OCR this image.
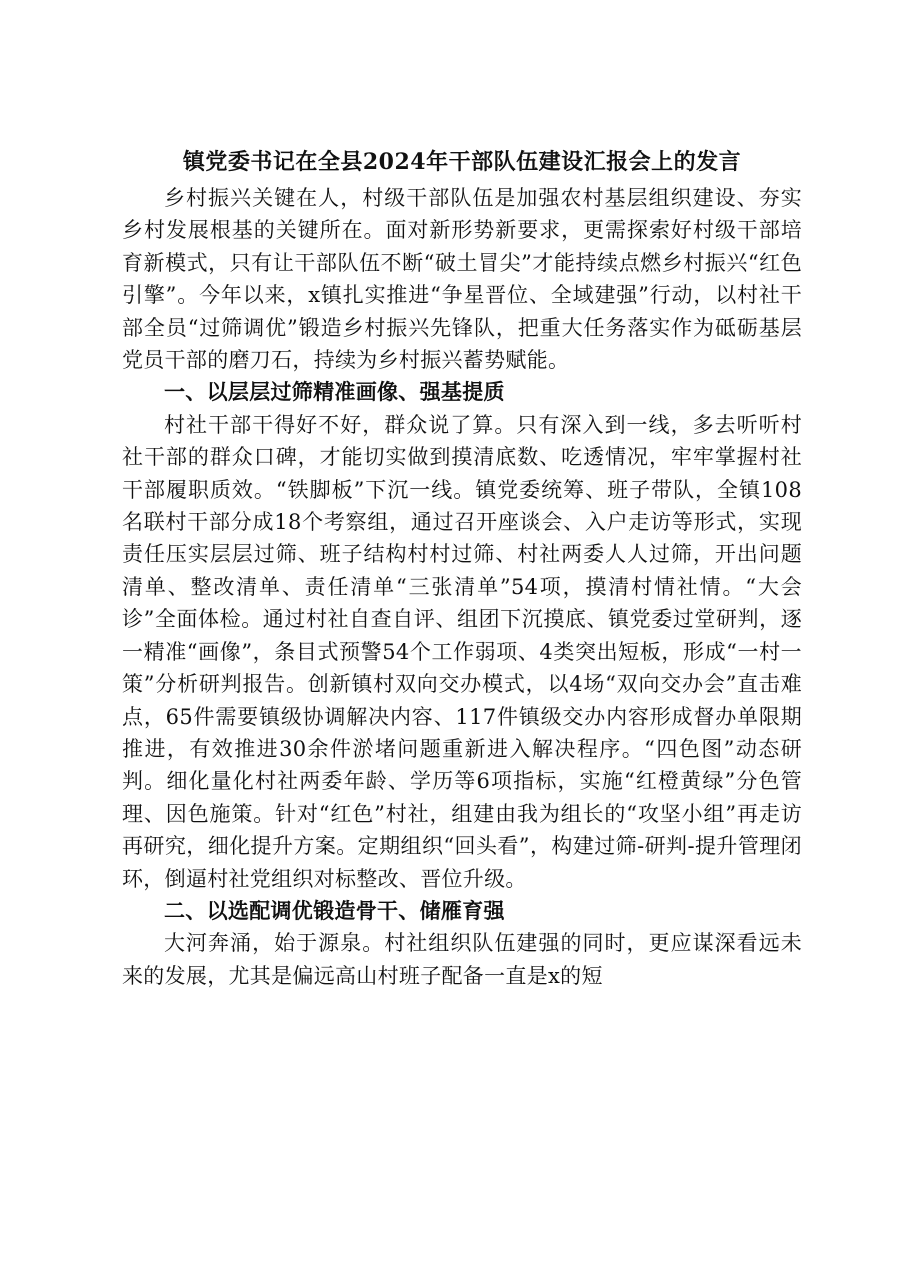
镇党委书记在全县2024年干部队伍建设汇报会上的发言

乡村振兴关键在人，村级干部队伍是加强农村基层组织建设、夯实乡村发展根基的关键所在。面对新形势新要求，更需探索好村级干部培育新模式，只有让干部队伍不断“破土冒尖”才能持续点燃乡村振兴“红色引擎”。今年以来，x镇扎实推进“争星晋位、全域建强”行动，以村社干部全员“过筛调优”锻造乡村振兴先锋队，把重大任务落实作为砥砺基层党员干部的磨刀石，持续为乡村振兴蓄势赋能。

一、以层层过筛精准画像、强基提质

村社干部干得好不好，群众说了算。只有深入到一线，多去听听村社干部的群众口碑，才能切实做到摸清底数、吃透情况，牢牢掌握村社干部履职质效。“铁脚板”下沉一线。镇党委统筹、班子带队，全镇108名联村干部分成18个考察组，通过召开座谈会、入户走访等形式，实现责任压实层层过筛、班子结构村村过筛、村社两委人人过筛，开出问题清单、整改清单、责任清单“三张清单”54项，摸清村情社情。“大会诊”全面体检。通过村社自查自评、组团下沉摸底、镇党委过堂研判，逐一精准“画像”，条目式预警54个工作弱项、4类突出短板，形成“一村一策”分析研判报告。创新镇村双向交办模式，以4场“双向交办会”直击难点，65件需要镇级协调解决内容、117件镇级交办内容形成督办单限期推进，有效推进30余件淤堵问题重新进入解决程序。“四色图”动态研判。细化量化村社两委年龄、学历等6项指标，实施“红橙黄绿”分色管理、因色施策。针对“红色”村社，组建由我为组长的“攻坚小组”再走访再研究，细化提升方案。定期组织“回头看”，构建过筛-研判-提升管理闭环，倒逼村社党组织对标整改、晋位升级。

二、以选配调优锻造骨干、储雁育强

大河奔涌，始于源泉。村社组织队伍建强的同时，更应谋深看远未来的发展，尤其是偏远高山村班子配备一直是x的短
